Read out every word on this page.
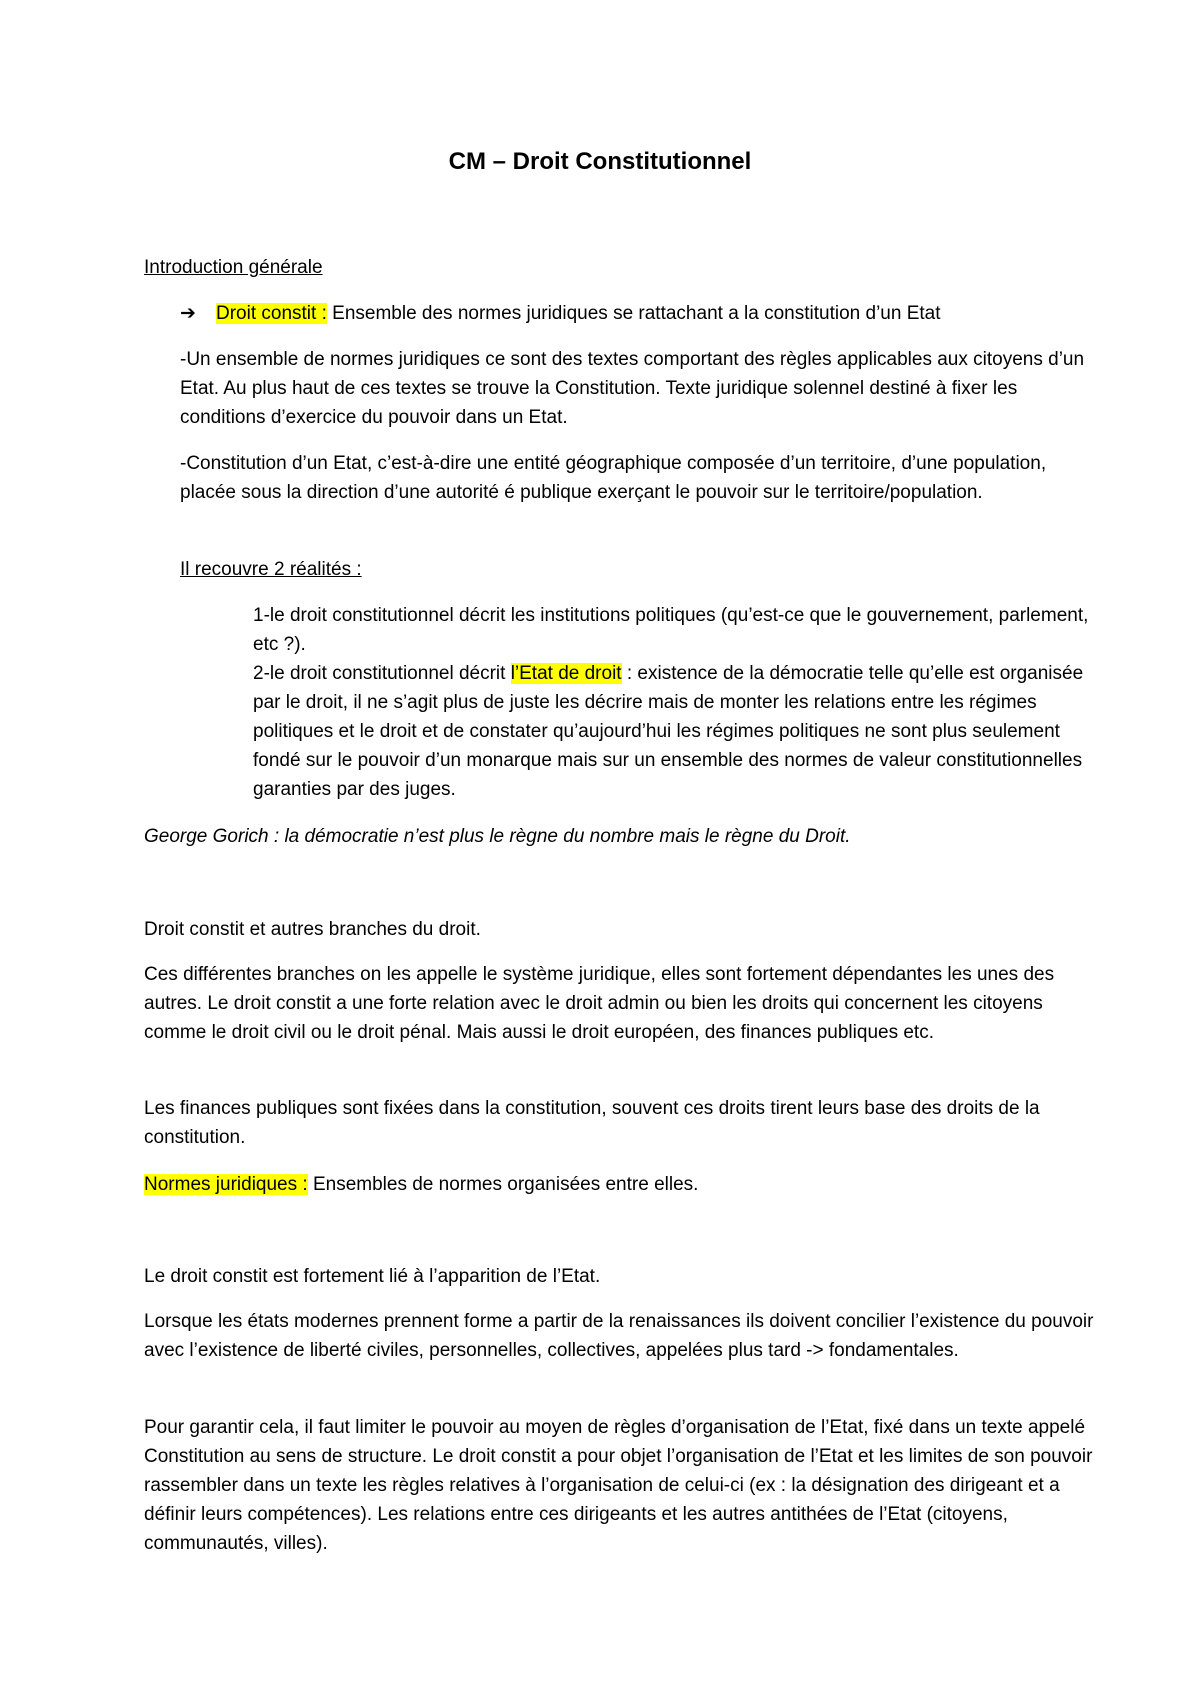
CM – Droit Constitutionnel
Introduction générale
➔ Droit constit : Ensemble des normes juridiques se rattachant a la constitution d’un Etat
-Un ensemble de normes juridiques ce sont des textes comportant des règles applicables aux citoyens d’un Etat. Au plus haut de ces textes se trouve la Constitution. Texte juridique solennel destiné à fixer les conditions d’exercice du pouvoir dans un Etat.
-Constitution d’un Etat, c’est-à-dire une entité géographique composée d’un territoire, d’une population, placée sous la direction d’une autorité é publique exerçant le pouvoir sur le territoire/population.
Il recouvre 2 réalités :
1-le droit constitutionnel décrit les institutions politiques (qu’est-ce que le gouvernement, parlement, etc ?).
2-le droit constitutionnel décrit l’Etat de droit : existence de la démocratie telle qu’elle est organisée par le droit, il ne s’agit plus de juste les décrire mais de monter les relations entre les régimes politiques et le droit et de constater qu’aujourd’hui les régimes politiques ne sont plus seulement fondé sur le pouvoir d’un monarque mais sur un ensemble des normes de valeur constitutionnelles garanties par des juges.
George Gorich : la démocratie n’est plus le règne du nombre mais le règne du Droit.
Droit constit et autres branches du droit.
Ces différentes branches on les appelle le système juridique, elles sont fortement dépendantes les unes des autres. Le droit constit a une forte relation avec le droit admin ou bien les droits qui concernent les citoyens comme le droit civil ou le droit pénal. Mais aussi le droit européen, des finances publiques etc.
Les finances publiques sont fixées dans la constitution, souvent ces droits tirent leurs base des droits de la constitution.
Normes juridiques : Ensembles de normes organisées entre elles.
Le droit constit est fortement lié à l’apparition de l’Etat.
Lorsque les états modernes prennent forme a partir de la renaissances ils doivent concilier l’existence du pouvoir avec l’existence de liberté civiles, personnelles, collectives, appelées plus tard -> fondamentales.
Pour garantir cela, il faut limiter le pouvoir au moyen de règles d’organisation de l’Etat, fixé dans un texte appelé Constitution au sens de structure. Le droit constit a pour objet l’organisation de l’Etat et les limites de son pouvoir rassembler dans un texte les règles relatives à l’organisation de celui-ci (ex : la désignation des dirigeant et a définir leurs compétences). Les relations entre ces dirigeants et les autres antithées de l’Etat (citoyens, communautés, villes).
